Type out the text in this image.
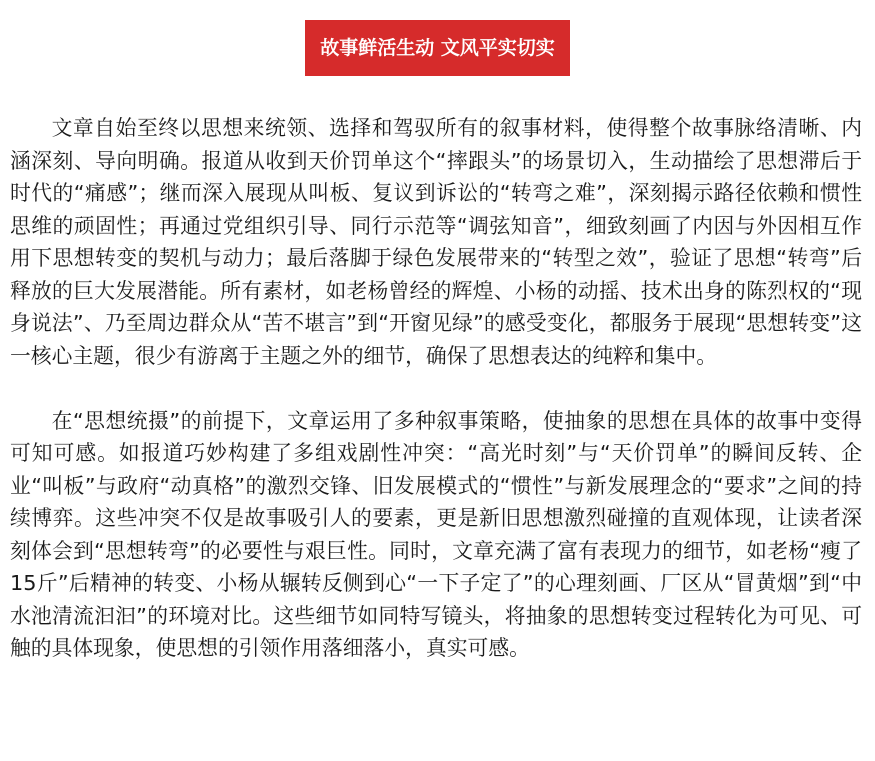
故事鲜活生动 文风平实切实

文章自始至终以思想来统领、选择和驾驭所有的叙事材料，使得整个故事脉络清晰、内涵深刻、导向明确。报道从收到天价罚单这个“摔跟头”的场景切入，生动描绘了思想滞后于时代的“痛感”；继而深入展现从叫板、复议到诉讼的“转弯之难”，深刻揭示路径依赖和惯性思维的顽固性；再通过党组织引导、同行示范等“调弦知音”，细致刻画了内因与外因相互作用下思想转变的契机与动力；最后落脚于绿色发展带来的“转型之效”，验证了思想“转弯”后释放的巨大发展潜能。所有素材，如老杨曾经的辉煌、小杨的动摇、技术出身的陈烈权的“现身说法”、乃至周边群众从“苦不堪言”到“开窗见绿”的感受变化，都服务于展现“思想转变”这一核心主题，很少有游离于主题之外的细节，确保了思想表达的纯粹和集中。

在“思想统摄”的前提下，文章运用了多种叙事策略，使抽象的思想在具体的故事中变得可知可感。如报道巧妙构建了多组戏剧性冲突：“高光时刻”与“天价罚单”的瞬间反转、企业“叫板”与政府“动真格”的激烈交锋、旧发展模式的“惯性”与新发展理念的“要求”之间的持续博弈。这些冲突不仅是故事吸引人的要素，更是新旧思想激烈碰撞的直观体现，让读者深刻体会到“思想转弯”的必要性与艰巨性。同时，文章充满了富有表现力的细节，如老杨“瘦了15斤”后精神的转变、小杨从辗转反侧到心“一下子定了”的心理刻画、厂区从“冒黄烟”到“中水池清流汩汩”的环境对比。这些细节如同特写镜头，将抽象的思想转变过程转化为可见、可触的具体现象，使思想的引领作用落细落小，真实可感。
